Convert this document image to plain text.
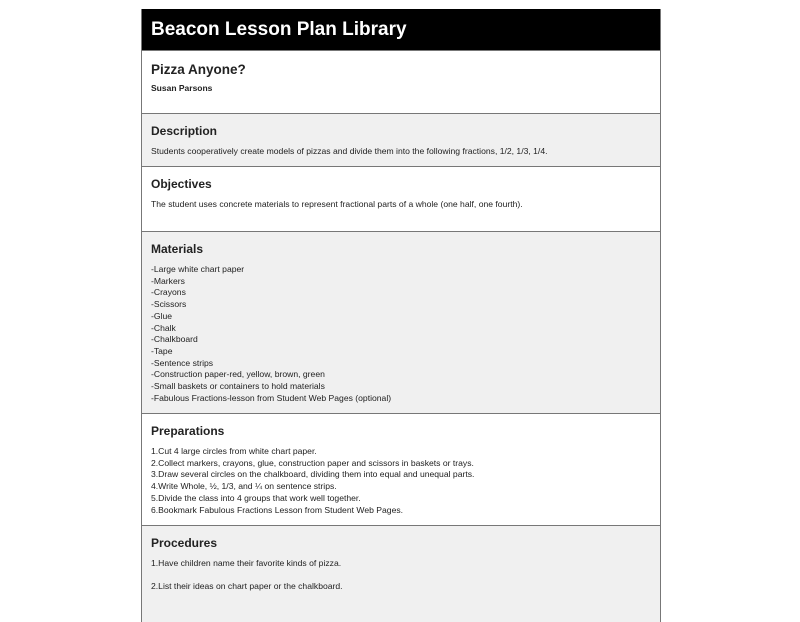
Beacon Lesson Plan Library
Pizza Anyone?
Susan Parsons
Description
Students cooperatively create models of pizzas and divide them into the following fractions, 1/2, 1/3, 1/4.
Objectives
The student uses concrete materials to represent fractional parts of a whole (one half, one fourth).
Materials
-Large white chart paper
-Markers
-Crayons
-Scissors
-Glue
-Chalk
-Chalkboard
-Tape
-Sentence strips
-Construction paper-red, yellow, brown, green
-Small baskets or containers to hold materials
-Fabulous Fractions-lesson from Student Web Pages (optional)
Preparations
1.Cut 4 large circles from white chart paper.
2.Collect markers, crayons, glue, construction paper and scissors in baskets or trays.
3.Draw several circles on the chalkboard, dividing them into equal and unequal parts.
4.Write Whole, ½, 1/3, and ¼ on sentence strips.
5.Divide the class into 4 groups that work well together.
6.Bookmark Fabulous Fractions Lesson from Student Web Pages.
Procedures
1.Have children name their favorite kinds of pizza.
2.List their ideas on chart paper or the chalkboard.
